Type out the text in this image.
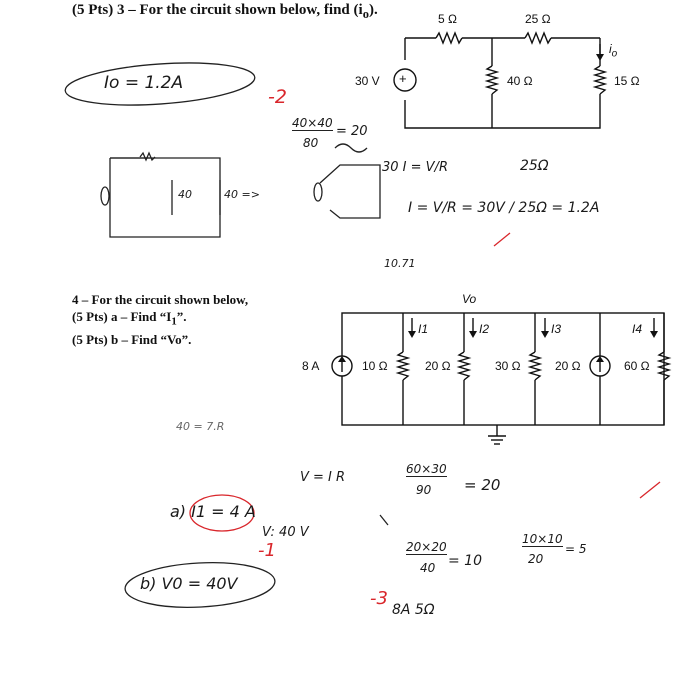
(5 Pts) 3 – For the circuit shown below, find $(i_o)$.
5 Ω	25 Ω
30 V	40 Ω	15 Ω
$i_o$
+
4 – For the circuit shown below,
(5 Pts) a – Find “$I_1$”.
(5 Pts) b – Find “Vo”.
8 A	10 Ω	20 Ω	30 Ω	20 Ω	60 Ω
Vo
I1	I2	I3	I4
Io = 1.2A
-2
40×40
80
= 20
40	40 =>
30 I = V/R	25Ω
I = V/R = 30V / 25Ω = 1.2A
10.71
40 = 7.R
V = I R
V: 40 V
60×30
90 = 20
20×20
40 = 10
10×10
20
= 5
a) I1 = 4 A
b) V0 = 40V
-1
-3
8A 5Ω
